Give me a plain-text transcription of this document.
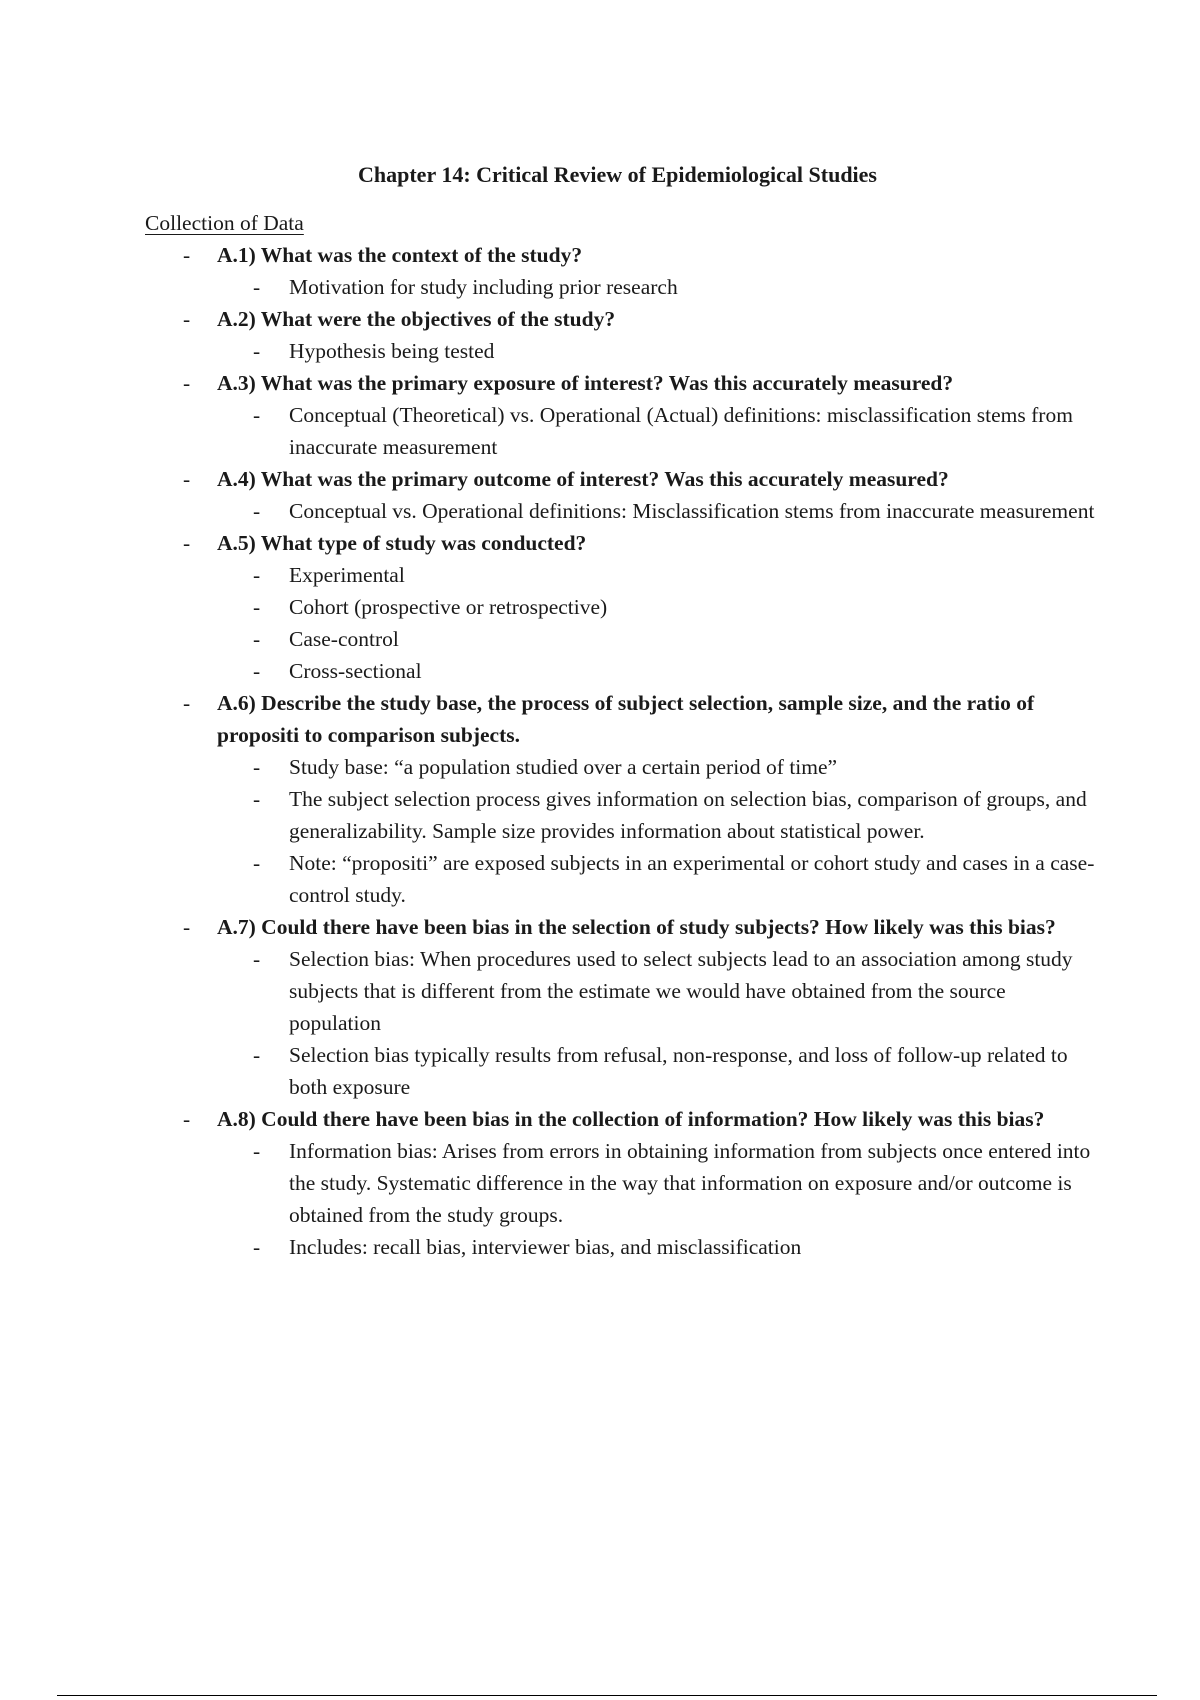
Chapter 14: Critical Review of Epidemiological Studies
Collection of Data
- A.1) What was the context of the study?
- Motivation for study including prior research
- A.2) What were the objectives of the study?
- Hypothesis being tested
- A.3) What was the primary exposure of interest? Was this accurately measured?
- Conceptual (Theoretical) vs. Operational (Actual) definitions: misclassification stems from inaccurate measurement
- A.4) What was the primary outcome of interest? Was this accurately measured?
- Conceptual vs. Operational definitions: Misclassification stems from inaccurate measurement
- A.5) What type of study was conducted?
- Experimental
- Cohort (prospective or retrospective)
- Case-control
- Cross-sectional
- A.6) Describe the study base, the process of subject selection, sample size, and the ratio of propositi to comparison subjects.
- Study base: “a population studied over a certain period of time”
- The subject selection process gives information on selection bias, comparison of groups, and generalizability. Sample size provides information about statistical power.
- Note: “propositi” are exposed subjects in an experimental or cohort study and cases in a case-control study.
- A.7) Could there have been bias in the selection of study subjects? How likely was this bias?
- Selection bias: When procedures used to select subjects lead to an association among study subjects that is different from the estimate we would have obtained from the source population
- Selection bias typically results from refusal, non-response, and loss of follow-up related to both exposure
- A.8) Could there have been bias in the collection of information? How likely was this bias?
- Information bias: Arises from errors in obtaining information from subjects once entered into the study. Systematic difference in the way that information on exposure and/or outcome is obtained from the study groups.
- Includes: recall bias, interviewer bias, and misclassification
